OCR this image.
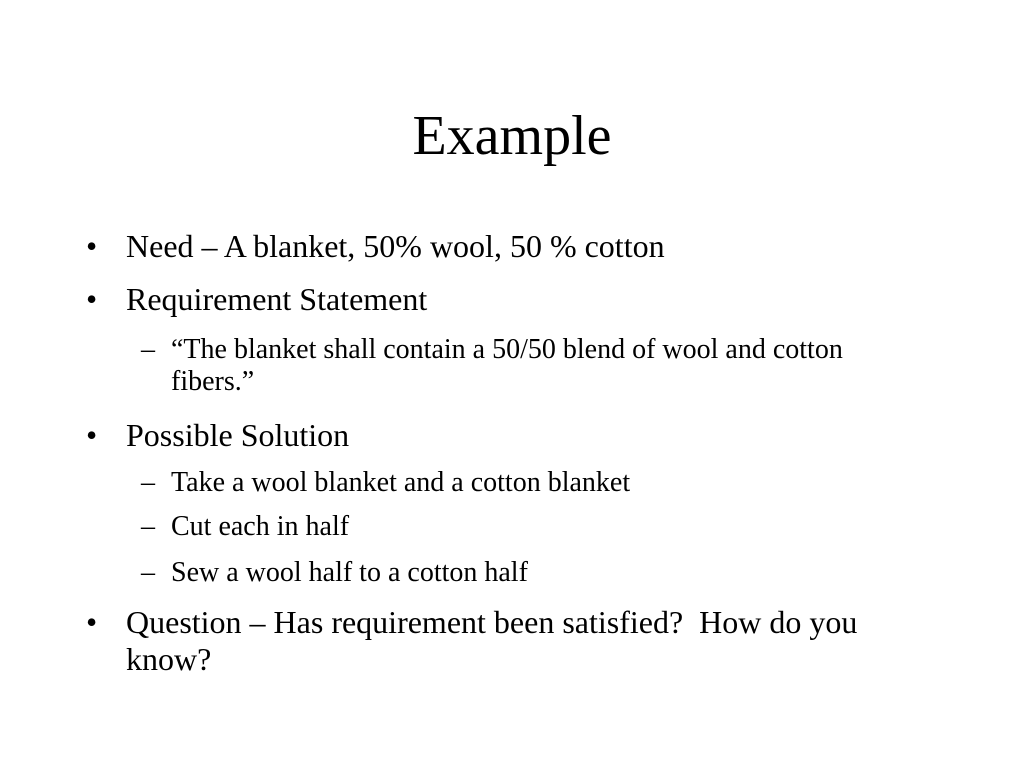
Example
• Need – A blanket, 50% wool, 50 % cotton
• Requirement Statement
– “The blanket shall contain a 50/50 blend of wool and cotton fibers.”
• Possible Solution
– Take a wool blanket and a cotton blanket
– Cut each in half
– Sew a wool half to a cotton half
• Question – Has requirement been satisfied?  How do you know?
